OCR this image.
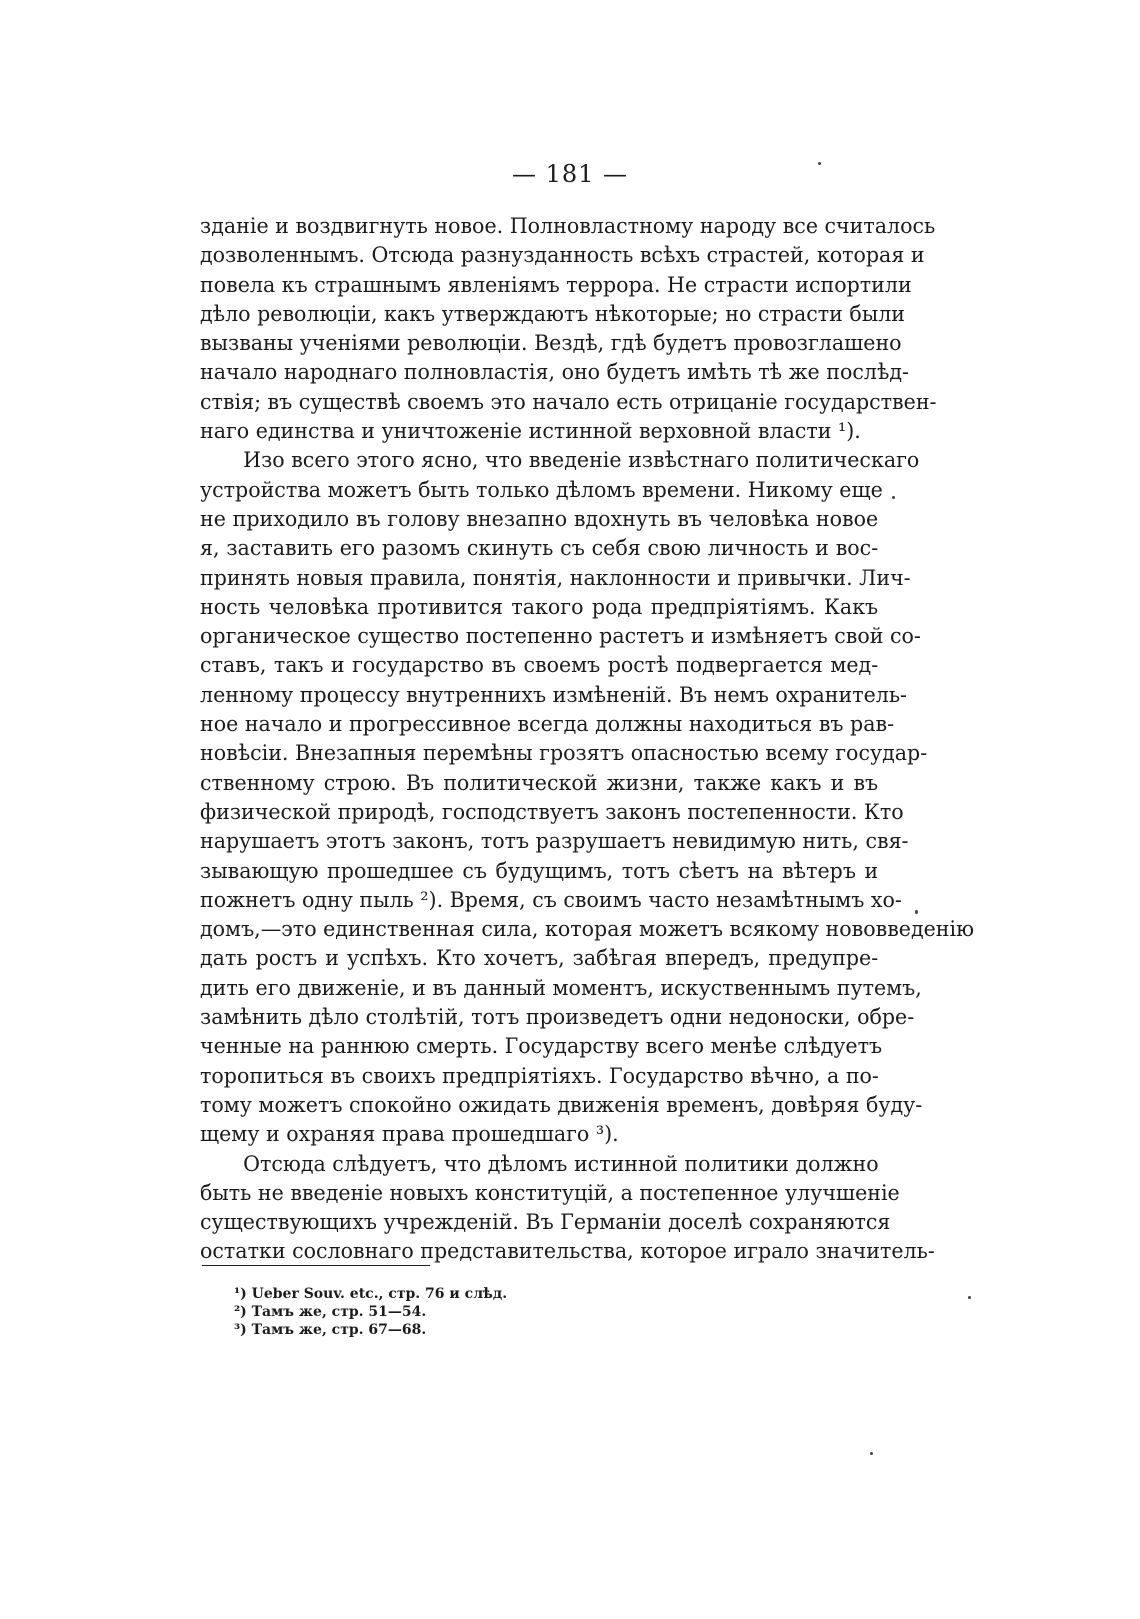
— 181 —
зданіе и воздвигнуть новое. Полновластному народу все считалось
дозволеннымъ. Отсюда разнузданность всѣхъ страстей, которая и
повела къ страшнымъ явленіямъ террора. Не страсти испортили
дѣло революціи, какъ утверждаютъ нѣкоторые; но страсти были
вызваны ученіями революціи. Вездѣ, гдѣ будетъ провозглашено
начало народнаго полновластія, оно будетъ имѣть тѣ же послѣд-
ствія; въ существѣ своемъ это начало есть отрицаніе государствен-
наго единства и уничтоженіе истинной верховной власти ¹).
Изо всего этого ясно, что введеніе извѣстнаго политическаго
устройства можетъ быть только дѣломъ времени. Никому еще
не приходило въ голову внезапно вдохнуть въ человѣка новое
я, заставить его разомъ скинуть съ себя свою личность и вос-
принять новыя правила, понятія, наклонности и привычки. Лич-
ность человѣка противится такого рода предпріятіямъ. Какъ
органическое существо постепенно растетъ и измѣняетъ свой со-
ставъ, такъ и государство въ своемъ ростѣ подвергается мед-
ленному процессу внутреннихъ измѣненій. Въ немъ охранитель-
ное начало и прогрессивное всегда должны находиться въ рав-
новѣсіи. Внезапныя перемѣны грозятъ опасностью всему государ-
ственному строю. Въ политической жизни, также какъ и въ
физической природѣ, господствуетъ законъ постепенности. Кто
нарушаетъ этотъ законъ, тотъ разрушаетъ невидимую нить, свя-
зывающую прошедшее съ будущимъ, тотъ сѣетъ на вѣтеръ и
пожнетъ одну пыль ²). Время, съ своимъ часто незамѣтнымъ хо-
домъ,—это единственная сила, которая можетъ всякому нововведенію
дать ростъ и успѣхъ. Кто хочетъ, забѣгая впередъ, предупре-
дить его движеніе, и въ данный моментъ, искуственнымъ путемъ,
замѣнить дѣло столѣтій, тотъ произведетъ одни недоноски, обре-
ченные на раннюю смерть. Государству всего менѣе слѣдуетъ
торопиться въ своихъ предпріятіяхъ. Государство вѣчно, а по-
тому можетъ спокойно ожидать движенія временъ, довѣряя буду-
щему и охраняя права прошедшаго ³).
Отсюда слѣдуетъ, что дѣломъ истинной политики должно
быть не введеніе новыхъ конституцій, а постепенное улучшеніе
существующихъ учрежденій. Въ Германіи доселѣ сохраняются
остатки сословнаго представительства, которое играло значитель-
¹) Ueber Souv. etc., стр. 76 и слѣд.
²) Тамъ же, стр. 51—54.
³) Тамъ же, стр. 67—68.
